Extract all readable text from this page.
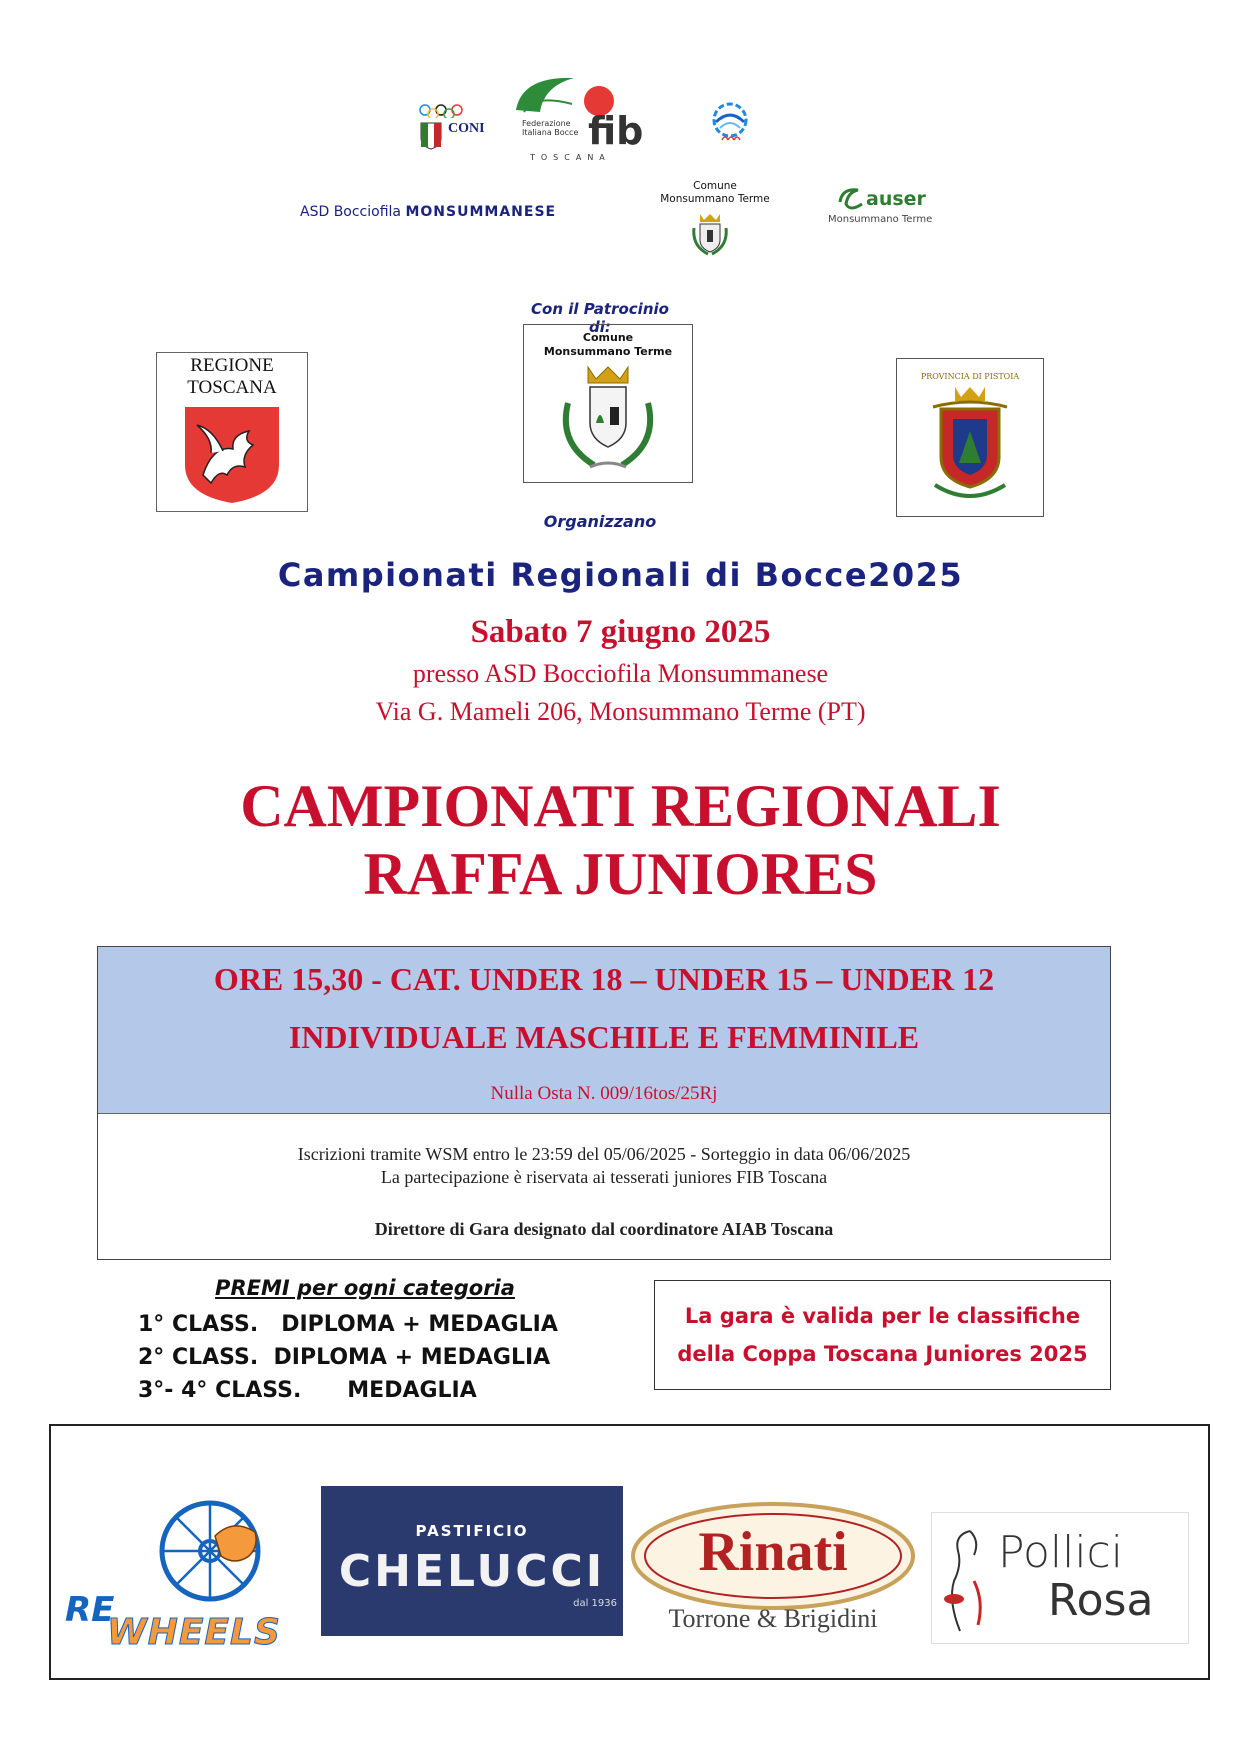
CONI	fib
Federazione Italiana Bocce
TOSCANA
ASD Bocciofila MONSUMMANESE
Comune
Monsummano Terme	auser
Monsummano Terme
Con il Patrocinio di:
REGIONE
TOSCANA
Comune
Monsummano Terme
PROVINCIA DI PISTOIA
Organizzano
Campionati Regionali di Bocce2025
Sabato 7 giugno 2025
presso ASD Bocciofila Monsummanese
Via G. Mameli 206, Monsummano Terme (PT)
CAMPIONATI REGIONALI
RAFFA JUNIORES
ORE 15,30 - CAT. UNDER 18 – UNDER 15 – UNDER 12
INDIVIDUALE MASCHILE E FEMMINILE
Nulla Osta N. 009/16tos/25Rj
Iscrizioni tramite WSM entro le 23:59 del 05/06/2025 - Sorteggio in data 06/06/2025
La partecipazione è riservata ai tesserati juniores FIB Toscana
Direttore di Gara designato dal coordinatore AIAB Toscana
PREMI per ogni categoria
1° CLASS.   DIPLOMA + MEDAGLIA
2° CLASS.  DIPLOMA + MEDAGLIA
3°- 4° CLASS.      MEDAGLIA
La gara è valida per le classifiche
della Coppa Toscana Juniores 2025
RE
WHEELS
PASTIFICIO
CHELUCCI
dal 1936
Rinati
Torrone & Brigidini
Pollici
Rosa
